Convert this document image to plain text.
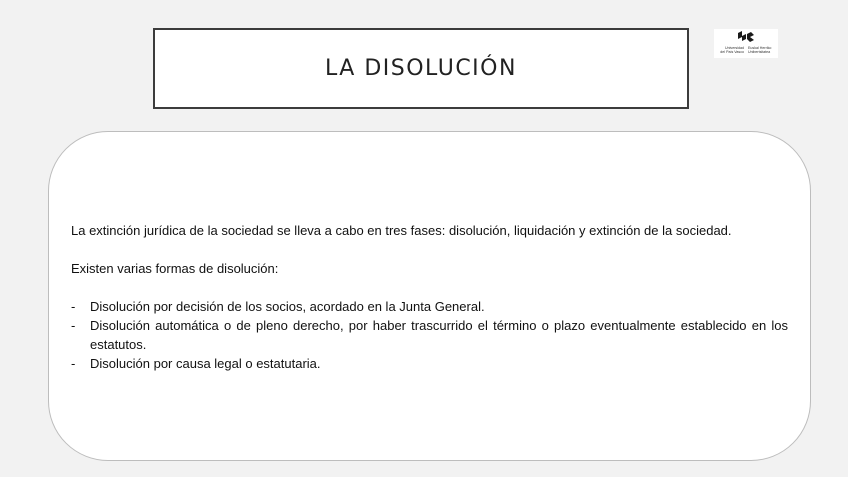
LA DISOLUCIÓN
Universidad
del País Vasco
Euskal Herriko
Unibertsitatea

La extinción jurídica de la sociedad se lleva a cabo en tres fases: disolución, liquidación y extinción de la sociedad.

Existen varias formas de disolución:

-	Disolución por decisión de los socios, acordado en la Junta General.
-	Disolución automática o de pleno derecho, por haber trascurrido el término o plazo eventualmente establecido en los estatutos.
-	Disolución por causa legal o estatutaria.
